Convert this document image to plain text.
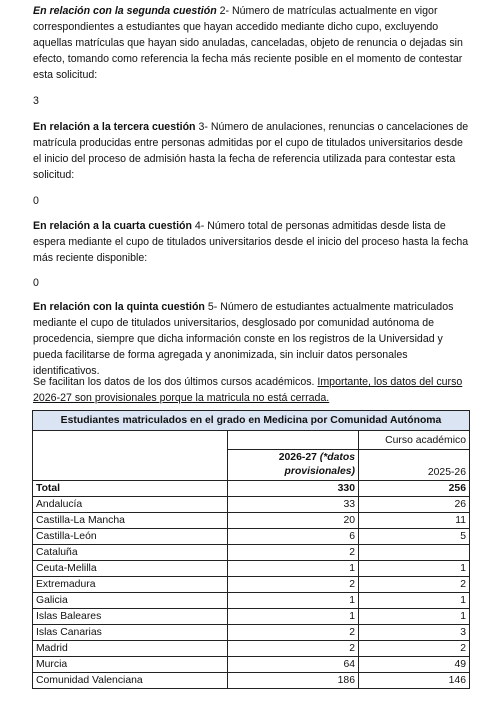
En relación con la segunda cuestión 2- Número de matrículas actualmente en vigor correspondientes a estudiantes que hayan accedido mediante dicho cupo, excluyendo aquellas matrículas que hayan sido anuladas, canceladas, objeto de renuncia o dejadas sin efecto, tomando como referencia la fecha más reciente posible en el momento de contestar esta solicitud:

3

En relación a la tercera cuestión 3- Número de anulaciones, renuncias o cancelaciones de matrícula producidas entre personas admitidas por el cupo de titulados universitarios desde el inicio del proceso de admisión hasta la fecha de referencia utilizada para contestar esta solicitud:

0

En relación a la cuarta cuestión 4- Número total de personas admitidas desde lista de espera mediante el cupo de titulados universitarios desde el inicio del proceso hasta la fecha más reciente disponible:

0

En relación con la quinta cuestión 5- Número de estudiantes actualmente matriculados mediante el cupo de titulados universitarios, desglosado por comunidad autónoma de procedencia, siempre que dicha información conste en los registros de la Universidad y pueda facilitarse de forma agregada y anonimizada, sin incluir datos personales identificativos.

Se facilitan los datos de los dos últimos cursos académicos. Importante, los datos del curso 2026-27 son provisionales porque la matricula no está cerrada.

Estudiantes matriculados en el grado en Medicina por Comunidad Autónoma		
		Curso académico
	2026-27 (*datos provisionales)	2025-26
Total	330	256
Andalucía	33	26
Castilla-La Mancha	20	11
Castilla-León	6	5
Cataluña	2	
Ceuta-Melilla	1	1
Extremadura	2	2
Galicia	1	1
Islas Baleares	1	1
Islas Canarias	2	3
Madrid	2	2
Murcia	64	49
Comunidad Valenciana	186	146
